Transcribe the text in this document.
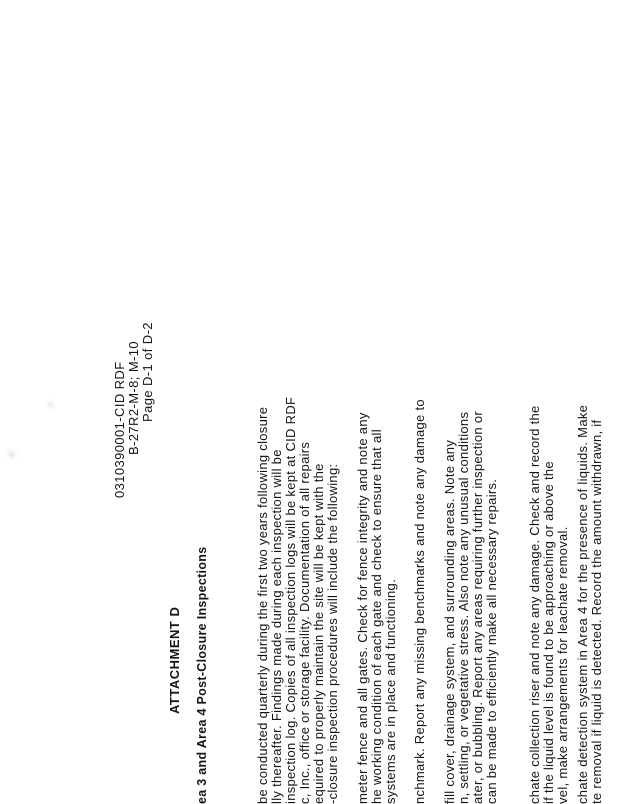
0310390001-CID RDF B-27R2-M-8; M-10 Page D-1 of D-2
ATTACHMENT D ea 3 and Area 4 Post-Closure Inspections	be conducted quarterly during the first two years following closure lly thereafter. Findings made during each inspection will be inspection log. Copies of all inspection logs will be kept at CID RDF c, Inc., office or storage facility. Documentation of all repairs equired to properly maintain the site will be kept with the -closure inspection procedures will include the following: meter fence and all gates. Check for fence integrity and note any he working condition of each gate and check to ensure that all systems are in place and functioning. nchmark. Report any missing benchmarks and note any damage to fill cover, drainage system, and surrounding areas. Note any n, settling, or vegetative stress. Also note any unusual conditions ater, or bubbling. Report any areas requiring further inspection or can be made to efficiently make all necessary repairs. chate collection riser and note any damage. Check and record the if the liquid level is found to be approaching or above the vel, make arrangements for leachate removal. chate detection system in Area 4 for the presence of liquids. Make te removal if liquid is detected. Record the amount withdrawn, if
